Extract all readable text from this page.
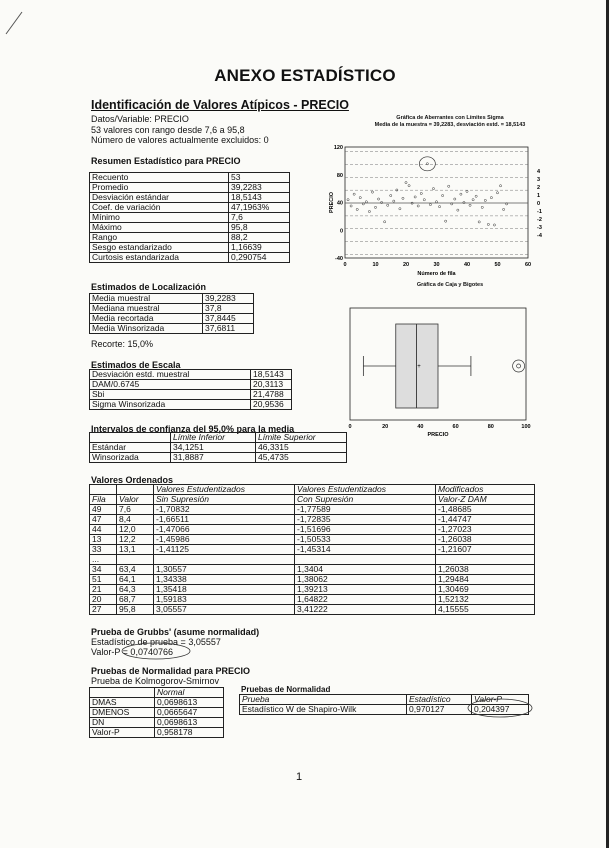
ANEXO ESTADÍSTICO
Identificación de Valores Atípicos - PRECIO
Datos/Variable: PRECIO
53 valores con rango desde 7,6 a 95,8
Número de valores actualmente excluidos: 0
Resumen Estadístico para PRECIO
Recuento	53
Promedio	39,2283
Desviación estándar	18,5143
Coef. de variación	47,1963%
Mínimo	7,6
Máximo	95,8
Rango	88,2
Sesgo estandarizado	1,16639
Curtosis estandarizada	0,290754
Estimados de Localización
Media muestral	39,2283
Mediana muestral	37,8
Media recortada	37,8445
Media Winsorizada	37,6811
Recorte: 15,0%
Estimados de Escala
Desviación estd. muestral	18,5143
DAM/0.6745	20,3113
Sbi	21,4788
Sigma Winsorizada	20,9536
Intervalos de confianza del 95,0% para la media
	Límite Inferior	Límite Superior
Estándar	34,1251	46,3315
Winsorizada	31,8887	45,4735
Valores Ordenados
		Valores Estudentizados	Valores Estudentizados	Modificados
Fila	Valor	Sin Supresión	Con Supresión	Valor-Z DAM
49	7,6	-1,70832	-1,77589	-1,48685
47	8,4	-1,66511	-1,72835	-1,44747
44	12,0	-1,47066	-1,51696	-1,27023
13	12,2	-1,45986	-1,50533	-1,26038
33	13,1	-1,41125	-1,45314	-1,21607
...				
34	63,4	1,30557	1,3404	1,26038
51	64,1	1,34338	1,38062	1,29484
21	64,3	1,35418	1,39213	1,30469
20	68,7	1,59183	1,64822	1,52132
27	95,8	3,05557	3,41222	4,15555
Prueba de Grubbs' (asume normalidad)
Estadístico de prueba = 3,05557
Valor-P = 0,0740766
Pruebas de Normalidad para PRECIO
Prueba de Kolmogorov-Smirnov
	Normal
DMAS	0,0698613
DMENOS	0,0665647
DN	0,0698613
Valor-P	0,958178
Pruebas de Normalidad
Prueba	Estadístico	Valor-P
Estadístico W de Shapiro-Wilk	0,970127	0,204397
1
Gráfica de Aberrantes con Límites Sigma
Media de la muestra = 39,2283, desviación estd. = 18,5143
120
80
40
0
-40
0	10	20	30	40	50	60
4
3
2
1
0
-1
-2
-3
-4
PRECIO
Número de fila
Gráfica de Caja y Bigotes
+
0	20	40	60	80	100
PRECIO
